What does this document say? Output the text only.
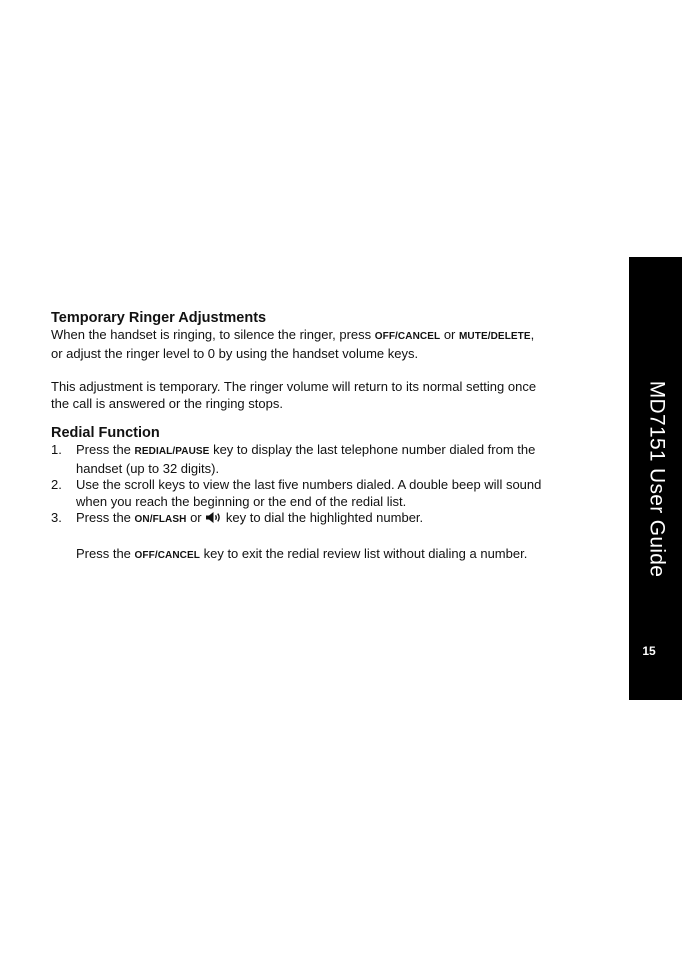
Temporary Ringer Adjustments

When the handset is ringing, to silence the ringer, press OFF/CANCEL or MUTE/DELETE,
or adjust the ringer level to 0 by using the handset volume keys.

This adjustment is temporary. The ringer volume will return to its normal setting once
the call is answered or the ringing stops.

Redial Function
1. Press the REDIAL/PAUSE key to display the last telephone number dialed from the
handset (up to 32 digits).
2. Use the scroll keys to view the last five numbers dialed. A double beep will sound
when you reach the beginning or the end of the redial list.
3. Press the ON/FLASH or  key to dial the highlighted number.

Press the OFF/CANCEL key to exit the redial review list without dialing a number.	MD7151 User Guide
15
